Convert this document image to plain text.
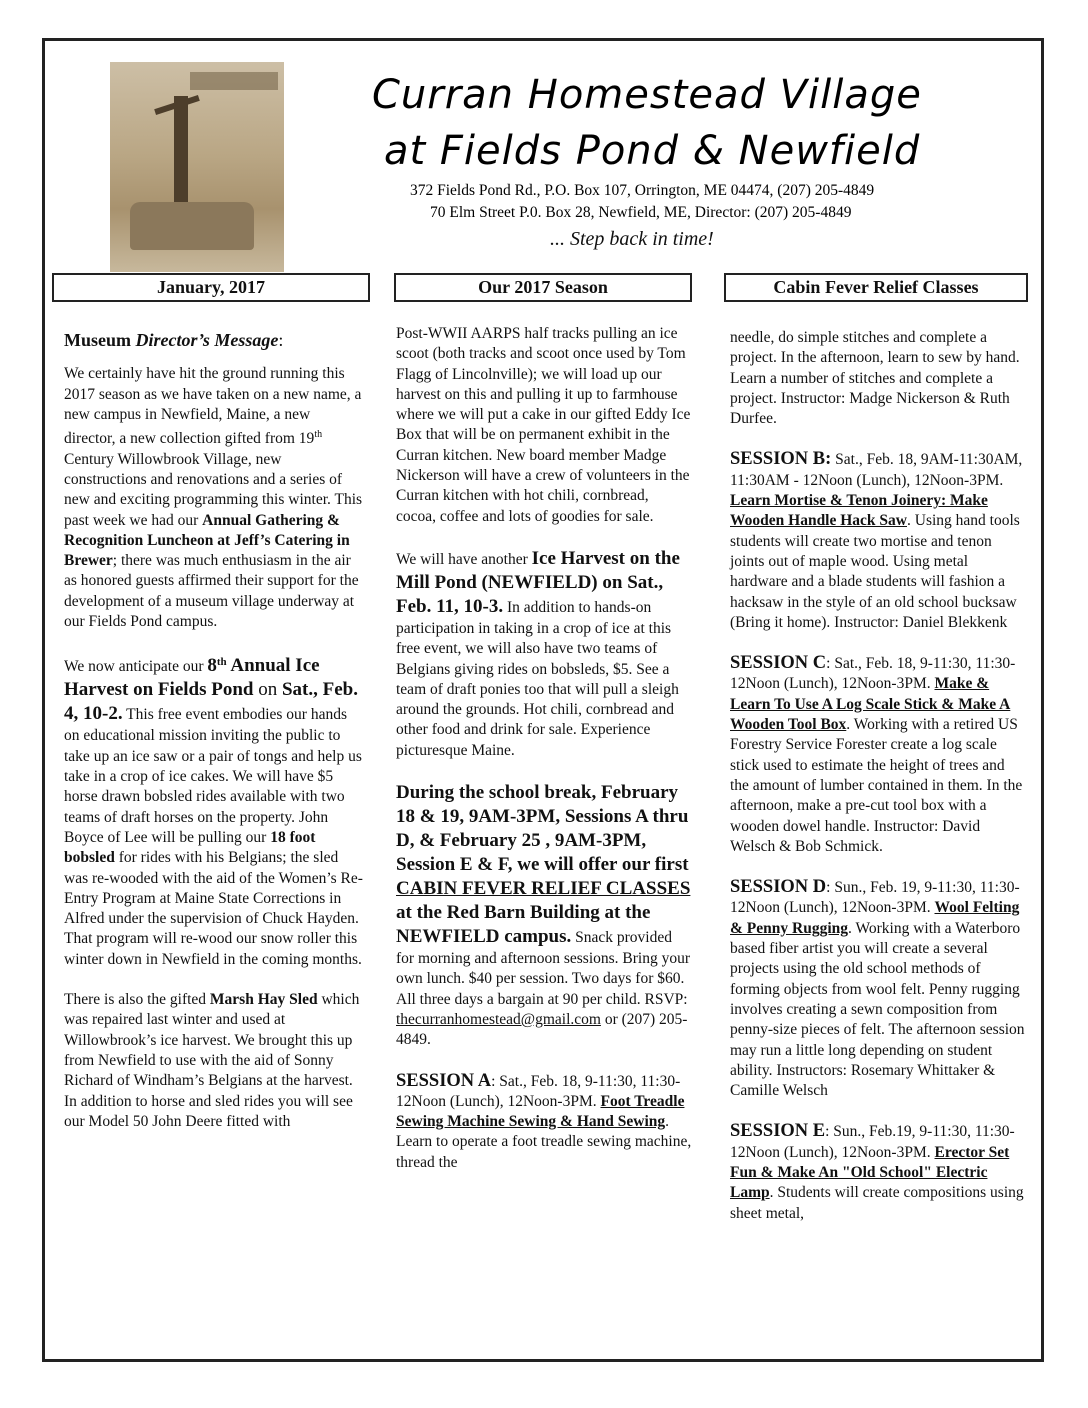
Curran Homestead Village
at Fields Pond & Newfield
372 Fields Pond Rd., P.O. Box 107, Orrington, ME 04474, (207) 205-4849
70 Elm Street P.0. Box 28, Newfield, ME, Director: (207) 205-4849
... Step back in time!
January, 2017	Our 2017 Season	Cabin Fever Relief Classes

Museum Director’s Message:

We certainly have hit the ground running this 2017 season as we have taken on a new name, a new campus in Newfield, Maine, a new director, a new collection gifted from 19th Century Willowbrook Village, new constructions and renovations and a series of new and exciting programming this winter. This past week we had our Annual Gathering & Recognition Luncheon at Jeff’s Catering in Brewer; there was much enthusiasm in the air as honored guests affirmed their support for the development of a museum village underway at our Fields Pond campus.

We now anticipate our 8th Annual Ice Harvest on Fields Pond on Sat., Feb. 4, 10-2. This free event embodies our hands on educational mission inviting the public to take up an ice saw or a pair of tongs and help us take in a crop of ice cakes. We will have $5 horse drawn bobsled rides available with two teams of draft horses on the property. John Boyce of Lee will be pulling our 18 foot bobsled for rides with his Belgians; the sled was re-wooded with the aid of the Women’s Re-Entry Program at Maine State Corrections in Alfred under the supervision of Chuck Hayden. That program will re-wood our snow roller this winter down in Newfield in the coming months.

There is also the gifted Marsh Hay Sled which was repaired last winter and used at Willowbrook’s ice harvest. We brought this up from Newfield to use with the aid of Sonny Richard of Windham’s Belgians at the harvest. In addition to horse and sled rides you will see our Model 50 John Deere fitted with

Post-WWII AARPS half tracks pulling an ice scoot (both tracks and scoot once used by Tom Flagg of Lincolnville); we will load up our harvest on this and pulling it up to farmhouse where we will put a cake in our gifted Eddy Ice Box that will be on permanent exhibit in the Curran kitchen. New board member Madge Nickerson will have a crew of volunteers in the Curran kitchen with hot chili, cornbread, cocoa, coffee and lots of goodies for sale.

We will have another Ice Harvest on the Mill Pond (NEWFIELD) on Sat., Feb. 11, 10-3. In addition to hands-on participation in taking in a crop of ice at this free event, we will also have two teams of Belgians giving rides on bobsleds, $5. See a team of draft ponies too that will pull a sleigh around the grounds. Hot chili, cornbread and other food and drink for sale. Experience picturesque Maine.

During the school break, February 18 & 19, 9AM-3PM, Sessions A thru D, & February 25 , 9AM-3PM, Session E & F, we will offer our first CABIN FEVER RELIEF CLASSES at the Red Barn Building at the NEWFIELD campus. Snack provided for morning and afternoon sessions. Bring your own lunch. $40 per session. Two days for $60. All three days a bargain at 90 per child. RSVP: thecurranhomestead@gmail.com or (207) 205-4849.

SESSION A: Sat., Feb. 18, 9-11:30, 11:30-12Noon (Lunch), 12Noon-3PM. Foot Treadle Sewing Machine Sewing & Hand Sewing. Learn to operate a foot treadle sewing machine, thread the

needle, do simple stitches and complete a project. In the afternoon, learn to sew by hand. Learn a number of stitches and complete a project. Instructor: Madge Nickerson & Ruth Durfee.

SESSION B: Sat., Feb. 18, 9AM-11:30AM, 11:30AM - 12Noon (Lunch), 12Noon-3PM. Learn Mortise & Tenon Joinery: Make Wooden Handle Hack Saw. Using hand tools students will create two mortise and tenon joints out of maple wood. Using metal hardware and a blade students will fashion a hacksaw in the style of an old school bucksaw (Bring it home). Instructor: Daniel Blekkenk

SESSION C: Sat., Feb. 18, 9-11:30, 11:30-12Noon (Lunch), 12Noon-3PM. Make & Learn To Use A Log Scale Stick & Make A Wooden Tool Box. Working with a retired US Forestry Service Forester create a log scale stick used to estimate the height of trees and the amount of lumber contained in them. In the afternoon, make a pre-cut tool box with a wooden dowel handle. Instructor: David Welsch & Bob Schmick.

SESSION D: Sun., Feb. 19, 9-11:30, 11:30-12Noon (Lunch), 12Noon-3PM. Wool Felting & Penny Rugging. Working with a Waterboro based fiber artist you will create a several projects using the old school methods of forming objects from wool felt. Penny rugging involves creating a sewn composition from penny-size pieces of felt. The afternoon session may run a little long depending on student ability. Instructors: Rosemary Whittaker & Camille Welsch

SESSION E: Sun., Feb.19, 9-11:30, 11:30-12Noon (Lunch), 12Noon-3PM. Erector Set Fun & Make An "Old School" Electric Lamp. Students will create compositions using sheet metal,
